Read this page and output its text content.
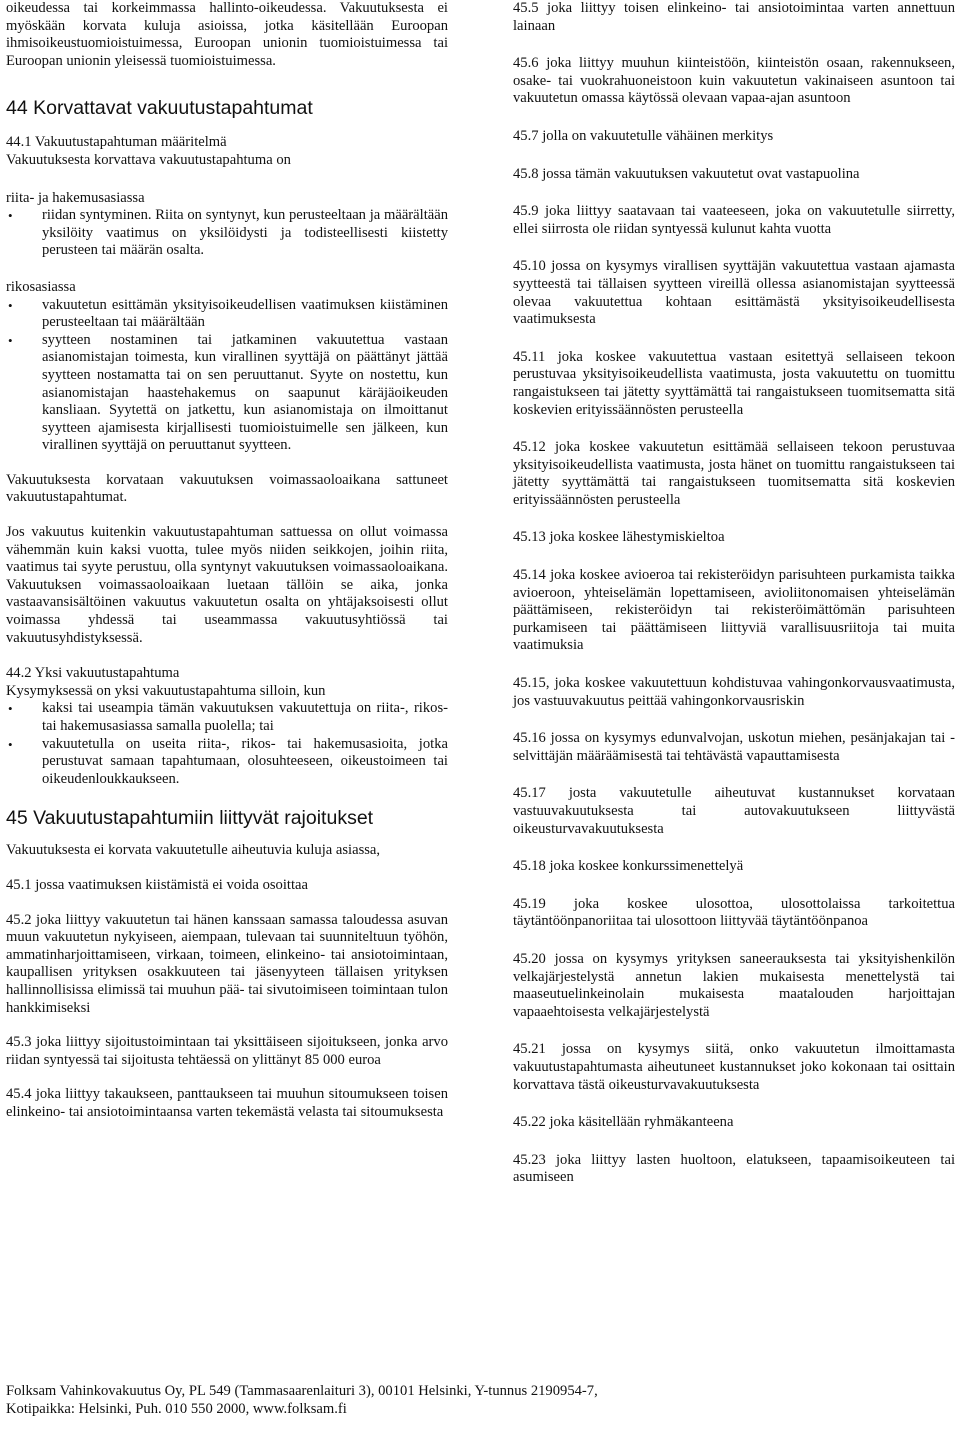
oikeudessa tai korkeimmassa hallinto-oikeudessa. Vakuutuksesta ei myöskään korvata kuluja asioissa, jotka käsitellään Euroopan ihmisoikeustuomioistuimessa, Euroopan unionin tuomioistuimessa tai Euroopan unionin yleisessä tuomioistuimessa.

44 Korvattavat vakuutustapahtumat

44.1 Vakuutustapahtuman määritelmä

Vakuutuksesta korvattava vakuutustapahtuma on

riita- ja hakemusasiassa

• riidan syntyminen. Riita on syntynyt, kun perusteeltaan ja määrältään yksilöity vaatimus on yksilöidysti ja todisteellisesti kiistetty perusteen tai määrän osalta.

rikosasiassa

• vakuutetun esittämän yksityisoikeudellisen vaatimuksen kiistäminen perusteeltaan tai määrältään
• syytteen nostaminen tai jatkaminen vakuutettua vastaan asianomistajan toimesta, kun virallinen syyttäjä on päättänyt jättää syytteen nostamatta tai on sen peruuttanut. Syyte on nostettu, kun asianomistajan haastehakemus on saapunut käräjäoikeuden kansliaan. Syytettä on jatkettu, kun asianomistaja on ilmoittanut syytteen ajamisesta kirjallisesti tuomioistuimelle sen jälkeen, kun virallinen syyttäjä on peruuttanut syytteen.

Vakuutuksesta korvataan vakuutuksen voimassaoloaikana sattuneet vakuutustapahtumat.

Jos vakuutus kuitenkin vakuutustapahtuman sattuessa on ollut voimassa vähemmän kuin kaksi vuotta, tulee myös niiden seikkojen, joihin riita, vaatimus tai syyte perustuu, olla syntynyt vakuutuksen voimassaoloaikana. Vakuutuksen voimassaoloaikaan luetaan tällöin se aika, jonka vastaavansisältöinen vakuutus vakuutetun osalta on yhtäjaksoisesti ollut voimassa yhdessä tai useammassa vakuutusyhtiössä tai vakuutusyhdistyksessä.

44.2 Yksi vakuutustapahtuma

Kysymyksessä on yksi vakuutustapahtuma silloin, kun

• kaksi tai useampia tämän vakuutuksen vakuutettuja on riita-, rikos- tai hakemusasiassa samalla puolella; tai
• vakuutetulla on useita riita-, rikos- tai hakemusasioita, jotka perustuvat samaan tapahtumaan, olosuhteeseen, oikeustoimeen tai oikeudenloukkaukseen.
45 Vakuutustapahtumiin liittyvät rajoitukset

Vakuutuksesta ei korvata vakuutetulle aiheutuvia kuluja asiassa,

45.1 jossa vaatimuksen kiistämistä ei voida osoittaa

45.2 joka liittyy vakuutetun tai hänen kanssaan samassa taloudessa asuvan muun vakuutetun nykyiseen, aiempaan, tulevaan tai suunniteltuun työhön, ammatinharjoittamiseen, virkaan, toimeen, elinkeino- tai ansiotoimintaan, kaupallisen yrityksen osakkuuteen tai jäsenyyteen tällaisen yrityksen hallinnollisissa elimissä tai muuhun pää- tai sivutoimiseen toimintaan tulon hankkimiseksi

45.3 joka liittyy sijoitustoimintaan tai yksittäiseen sijoitukseen, jonka arvo riidan syntyessä tai sijoitusta tehtäessä on ylittänyt 85 000 euroa

45.4 joka liittyy takaukseen, panttaukseen tai muuhun sitoumukseen toisen elinkeino- tai ansiotoimintaansa varten tekemästä velasta tai sitoumuksesta

45.5 joka liittyy toisen elinkeino- tai ansiotoimintaa varten annettuun lainaan

45.6 joka liittyy muuhun kiinteistöön, kiinteistön osaan, rakennukseen, osake- tai vuokrahuoneistoon kuin vakuutetun vakinaiseen asuntoon tai vakuutetun omassa käytössä olevaan vapaa-ajan asuntoon

45.7 jolla on vakuutetulle vähäinen merkitys

45.8 jossa tämän vakuutuksen vakuutetut ovat vastapuolina

45.9 joka liittyy saatavaan tai vaateeseen, joka on vakuutetulle siirretty, ellei siirrosta ole riidan syntyessä kulunut kahta vuotta

45.10 jossa on kysymys virallisen syyttäjän vakuutettua vastaan ajamasta syytteestä tai tällaisen syytteen vireillä ollessa asianomistajan syytteessä olevaa vakuutettua kohtaan esittämästä yksityisoikeudellisesta vaatimuksesta

45.11 joka koskee vakuutettua vastaan esitettyä sellaiseen tekoon perustuvaa yksityisoikeudellista vaatimusta, josta vakuutettu on tuomittu rangaistukseen tai jätetty syyttämättä tai rangaistukseen tuomitsematta sitä koskevien erityissäännösten perusteella

45.12 joka koskee vakuutetun esittämää sellaiseen tekoon perustuvaa yksityisoikeudellista vaatimusta, josta hänet on tuomittu rangaistukseen tai jätetty syyttämättä tai rangaistukseen tuomitsematta sitä koskevien erityissäännösten perusteella

45.13 joka koskee lähestymiskieltoa

45.14 joka koskee avioeroa tai rekisteröidyn parisuhteen purkamista taikka avioeroon, yhteiselämän lopettamiseen, avioliitonomaisen yhteiselämän päättämiseen, rekisteröidyn tai rekisteröimättömän parisuhteen purkamiseen tai päättämiseen liittyviä varallisuusriitoja tai muita vaatimuksia

45.15, joka koskee vakuutettuun kohdistuvaa vahingonkorvausvaatimusta, jos vastuuvakuutus peittää vahingonkorvausriskin

45.16 jossa on kysymys edunvalvojan, uskotun miehen, pesänjakajan tai -selvittäjän määräämisestä tai tehtävästä vapauttamisesta

45.17 josta vakuutetulle aiheutuvat kustannukset korvataan vastuuvakuutuksesta tai autovakuutukseen liittyvästä oikeusturvavakuutuksesta

45.18 joka koskee konkurssimenettelyä

45.19 joka koskee ulosottoa, ulosottolaissa tarkoitettua täytäntöönpanoriitaa tai ulosottoon liittyvää täytäntöönpanoa

45.20 jossa on kysymys yrityksen saneerauksesta tai yksityishenkilön velkajärjestelystä annetun lakien mukaisesta menettelystä tai maaseutuelinkeinolain mukaisesta maatalouden harjoittajan vapaaehtoisesta velkajärjestelystä

45.21 jossa on kysymys siitä, onko vakuutetun ilmoittamasta vakuutustapahtumasta aiheutuneet kustannukset joko kokonaan tai osittain korvattava tästä oikeusturvavakuutuksesta

45.22 joka käsitellään ryhmäkanteena

45.23 joka liittyy lasten huoltoon, elatukseen, tapaamisoikeuteen tai asumiseen

Folksam Vahinkovakuutus Oy, PL 549 (Tammasaarenlaituri 3), 00101 Helsinki, Y-tunnus 2190954-7,
Kotipaikka: Helsinki, Puh. 010 550 2000, www.folksam.fi
